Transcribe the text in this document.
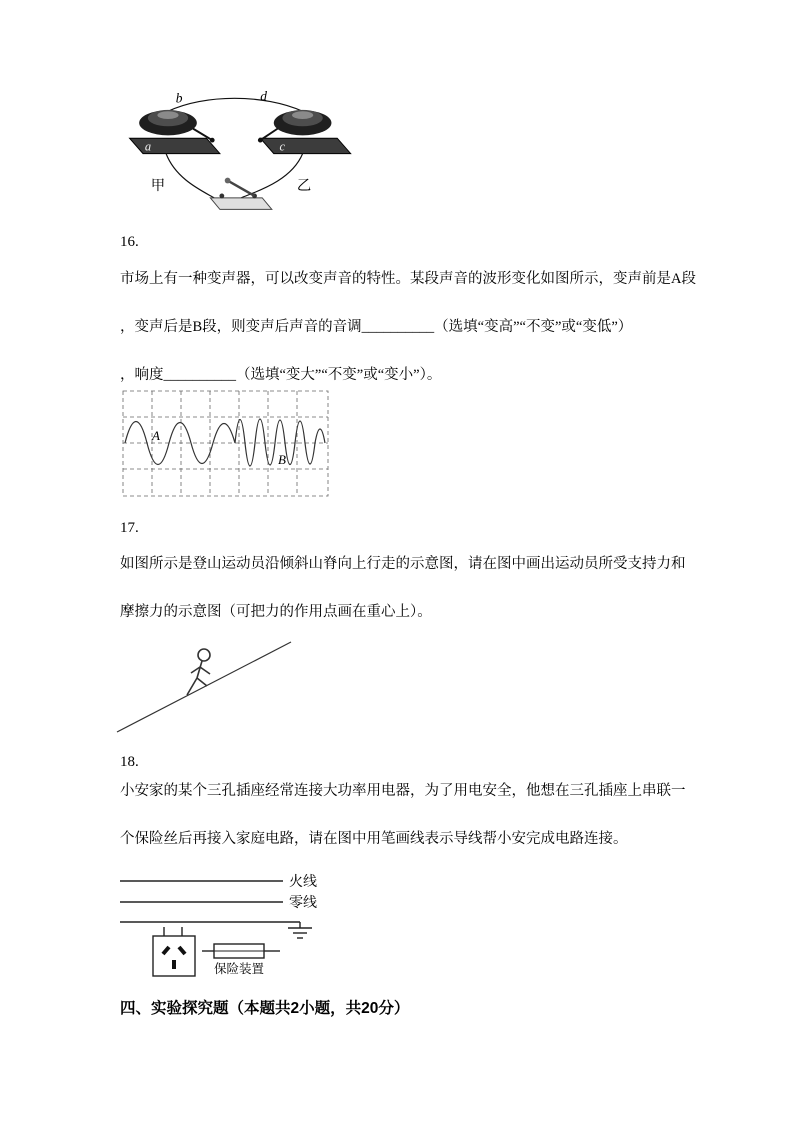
b	d
a	c
甲	乙
16.
市场上有一种变声器，可以改变声音的特性。某段声音的波形变化如图所示，变声前是A段
，变声后是B段，则变声后声音的音调__________（选填“变高”“不变”或“变低”）
，响度__________（选填“变大”“不变”或“变小”）。
A
B
17.
如图所示是登山运动员沿倾斜山脊向上行走的示意图，请在图中画出运动员所受支持力和
摩擦力的示意图（可把力的作用点画在重心上）。
18.
小安家的某个三孔插座经常连接大功率用电器，为了用电安全，他想在三孔插座上串联一
个保险丝后再接入家庭电路，请在图中用笔画线表示导线帮小安完成电路连接。
火线
零线
保险装置
四、实验探究题（本题共2小题，共20分）
